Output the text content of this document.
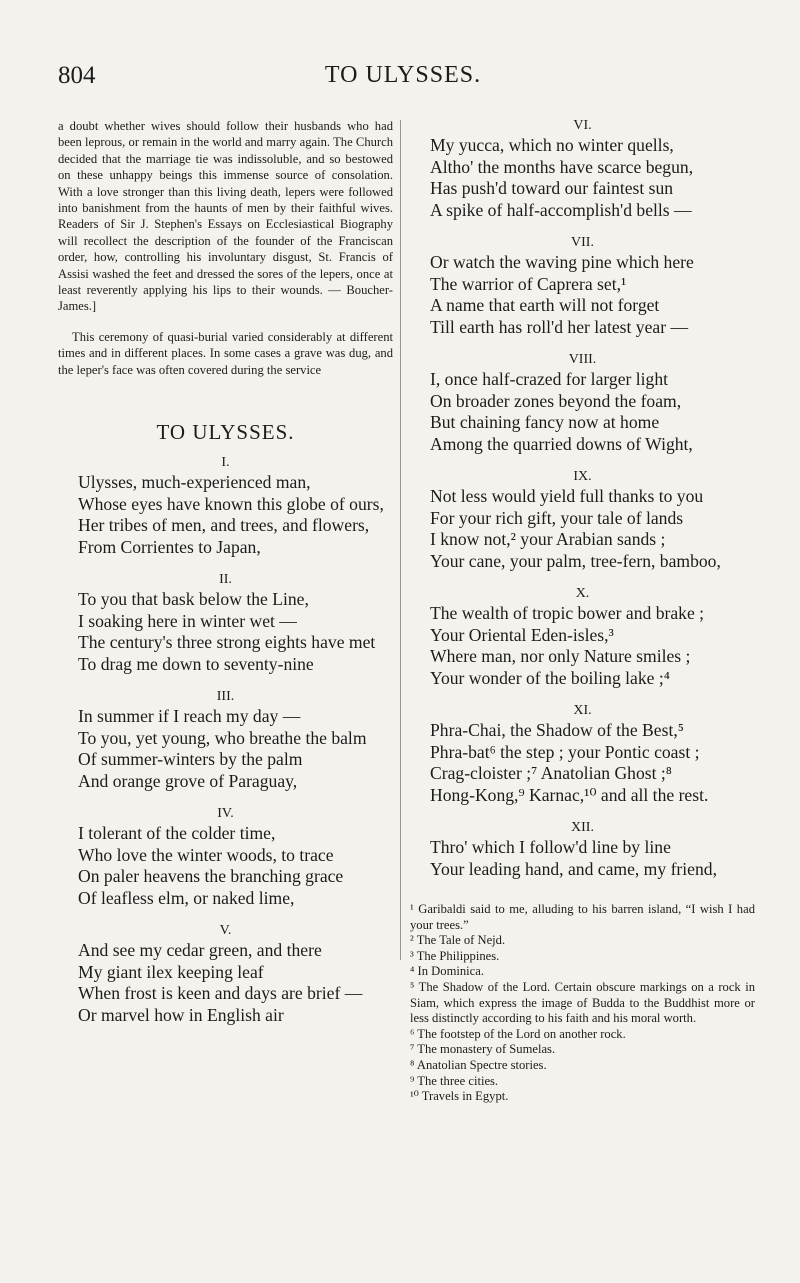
804	TO ULYSSES.

a doubt whether wives should follow their husbands who had been leprous, or remain in the world and marry again. The Church decided that the marriage tie was indissoluble, and so bestowed on these unhappy beings this immense source of consolation. With a love stronger than this living death, lepers were followed into banishment from the haunts of men by their faithful wives. Readers of Sir J. Stephen's Essays on Ecclesiastical Biography will recollect the description of the founder of the Franciscan order, how, controlling his involuntary disgust, St. Francis of Assisi washed the feet and dressed the sores of the lepers, once at least reverently applying his lips to their wounds. — Boucher-James.]

This ceremony of quasi-burial varied considerably at different times and in different places. In some cases a grave was dug, and the leper's face was often covered during the service

TO ULYSSES.
I.
Ulysses, much-experienced man,
Whose eyes have known this globe of ours,
Her tribes of men, and trees, and flowers,
From Corrientes to Japan,
II.
To you that bask below the Line,
I soaking here in winter wet —
The century's three strong eights have met
To drag me down to seventy-nine
III.
In summer if I reach my day —
To you, yet young, who breathe the balm
Of summer-winters by the palm
And orange grove of Paraguay,
IV.
I tolerant of the colder time,
Who love the winter woods, to trace
On paler heavens the branching grace
Of leafless elm, or naked lime,
V.
And see my cedar green, and there
My giant ilex keeping leaf
When frost is keen and days are brief —
Or marvel how in English air
VI.
My yucca, which no winter quells,
Altho' the months have scarce begun,
Has push'd toward our faintest sun
A spike of half-accomplish'd bells —
VII.
Or watch the waving pine which here
The warrior of Caprera set,¹
A name that earth will not forget
Till earth has roll'd her latest year —
VIII.
I, once half-crazed for larger light
On broader zones beyond the foam,
But chaining fancy now at home
Among the quarried downs of Wight,
IX.
Not less would yield full thanks to you
For your rich gift, your tale of lands
I know not,² your Arabian sands ;
Your cane, your palm, tree-fern, bamboo,
X.
The wealth of tropic bower and brake ;
Your Oriental Eden-isles,³
Where man, nor only Nature smiles ;
Your wonder of the boiling lake ;⁴
XI.
Phra-Chai, the Shadow of the Best,⁵
Phra-bat⁶ the step ; your Pontic coast ;
Crag-cloister ;⁷ Anatolian Ghost ;⁸
Hong-Kong,⁹ Karnac,¹⁰ and all the rest.
XII.
Thro' which I follow'd line by line
Your leading hand, and came, my friend,

¹ Garibaldi said to me, alluding to his barren island, “I wish I had your trees.”

² The Tale of Nejd.

³ The Philippines.

⁴ In Dominica.

⁵ The Shadow of the Lord. Certain obscure markings on a rock in Siam, which express the image of Budda to the Buddhist more or less distinctly according to his faith and his moral worth.

⁶ The footstep of the Lord on another rock.

⁷ The monastery of Sumelas.

⁸ Anatolian Spectre stories.

⁹ The three cities.

¹⁰ Travels in Egypt.
